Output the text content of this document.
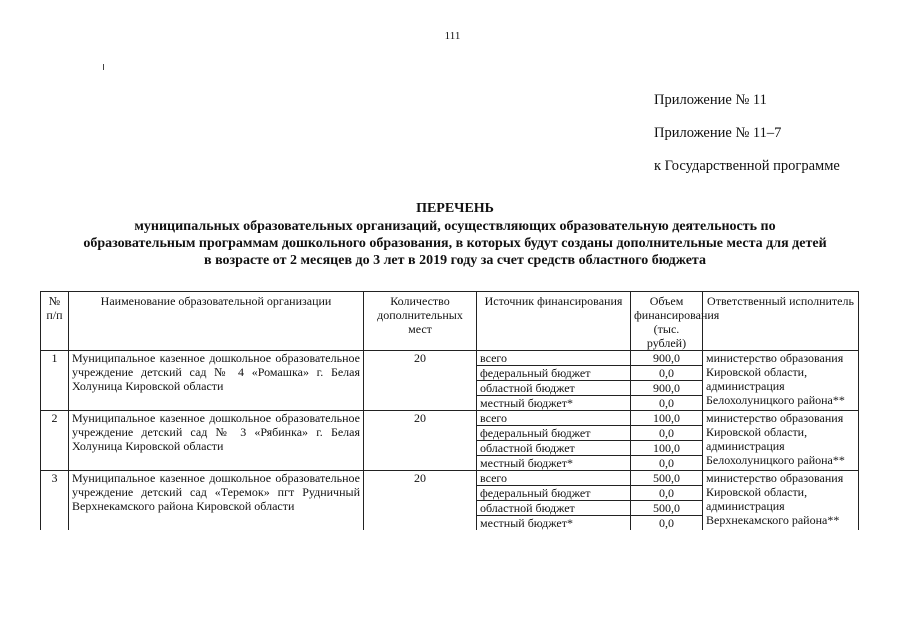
111
Приложение № 11
Приложение № 11–7
к Государственной программе
ПЕРЕЧЕНЬ
муниципальных образовательных организаций, осуществляющих образовательную деятельность по
образовательным программам дошкольного образования, в которых будут созданы дополнительные места для детей
в возрасте от 2 месяцев до 3 лет в 2019 году за счет средств областного бюджета
№ п/п	Наименование образовательной организации	Количество дополнительных мест	Источник финансирования	Объем финансирования (тыс. рублей)	Ответственный исполнитель
1	Муниципальное казенное дошкольное образовательное учреждение детский сад № 4 «Ромашка» г. Белая Холуница Кировской области	20	всего	900,0	министерство образования Кировской области, администрация Белохолуницкого района**
			федеральный бюджет	0,0	
			областной бюджет	900,0	
			местный бюджет*	0,0	
2	Муниципальное казенное дошкольное образовательное учреждение детский сад № 3 «Рябинка» г. Белая Холуница Кировской области	20	всего	100,0	министерство образования Кировской области, администрация Белохолуницкого района**
			федеральный бюджет	0,0	
			областной бюджет	100,0	
			местный бюджет*	0,0	
3	Муниципальное казенное дошкольное образовательное учреждение детский сад «Теремок» пгт Рудничный Верхнекамского района Кировской области	20	всего	500,0	министерство образования Кировской области, администрация Верхнекамского района**
			федеральный бюджет	0,0	
			областной бюджет	500,0	
			местный бюджет*	0,0	
